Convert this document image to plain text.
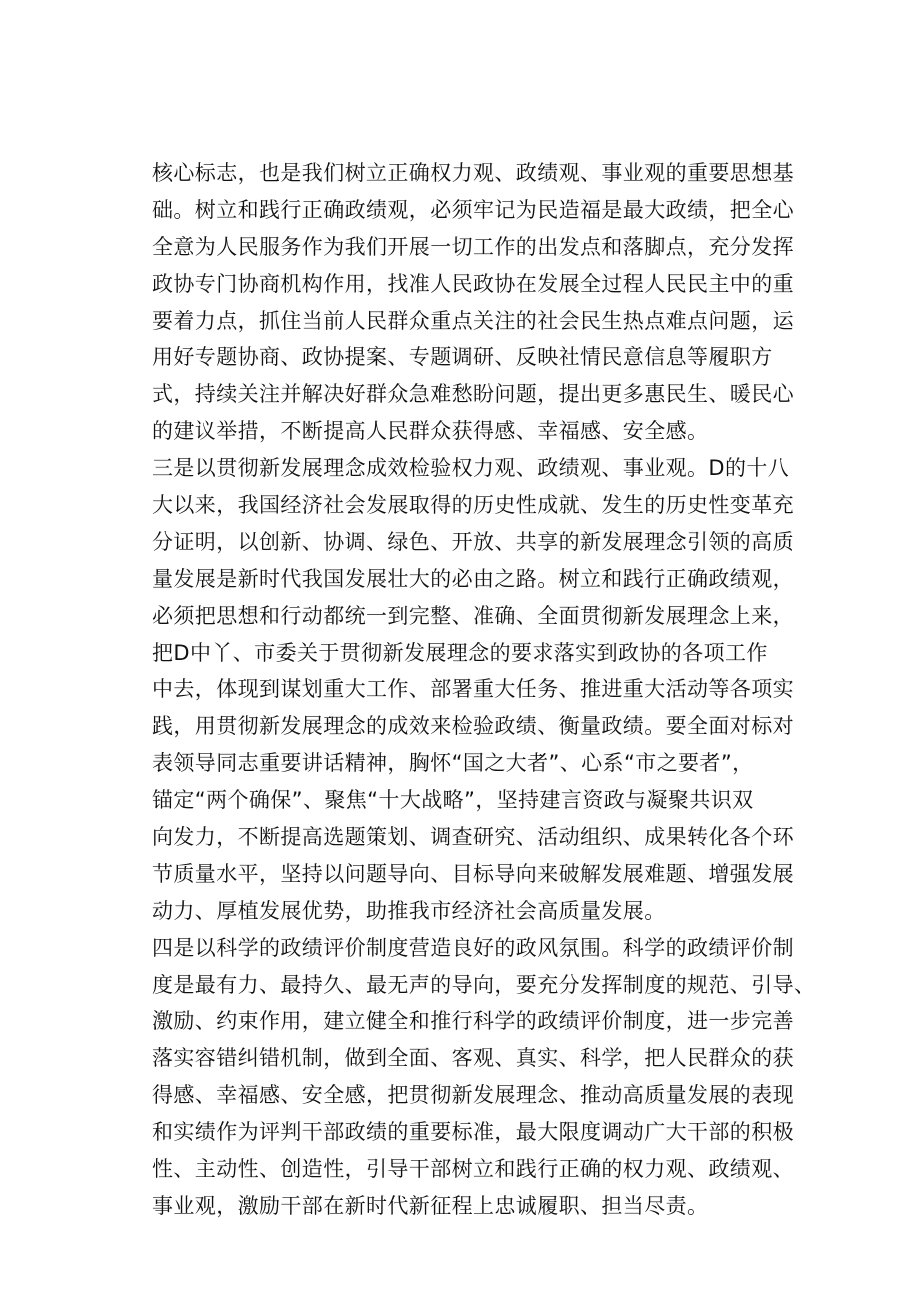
核心标志，也是我们树立正确权力观、政绩观、事业观的重要思想基
础。树立和践行正确政绩观，必须牢记为民造福是最大政绩，把全心
全意为人民服务作为我们开展一切工作的出发点和落脚点，充分发挥
政协专门协商机构作用，找准人民政协在发展全过程人民民主中的重
要着力点，抓住当前人民群众重点关注的社会民生热点难点问题，运
用好专题协商、政协提案、专题调研、反映社情民意信息等履职方
式，持续关注并解决好群众急难愁盼问题，提出更多惠民生、暖民心
的建议举措，不断提高人民群众获得感、幸福感、安全感。
三是以贯彻新发展理念成效检验权力观、政绩观、事业观。D的十八
大以来，我国经济社会发展取得的历史性成就、发生的历史性变革充
分证明，以创新、协调、绿色、开放、共享的新发展理念引领的高质
量发展是新时代我国发展壮大的必由之路。树立和践行正确政绩观，
必须把思想和行动都统一到完整、准确、全面贯彻新发展理念上来，
把D中丫、市委关于贯彻新发展理念的要求落实到政协的各项工作
中去，体现到谋划重大工作、部署重大任务、推进重大活动等各项实
践，用贯彻新发展理念的成效来检验政绩、衡量政绩。要全面对标对
表领导同志重要讲话精神，胸怀“国之大者”、心系“市之要者”，
锚定“两个确保”、聚焦“十大战略”，坚持建言资政与凝聚共识双
向发力，不断提高选题策划、调查研究、活动组织、成果转化各个环
节质量水平，坚持以问题导向、目标导向来破解发展难题、增强发展
动力、厚植发展优势，助推我市经济社会高质量发展。
四是以科学的政绩评价制度营造良好的政风氛围。科学的政绩评价制
度是最有力、最持久、最无声的导向，要充分发挥制度的规范、引导、
激励、约束作用，建立健全和推行科学的政绩评价制度，进一步完善
落实容错纠错机制，做到全面、客观、真实、科学，把人民群众的获
得感、幸福感、安全感，把贯彻新发展理念、推动高质量发展的表现
和实绩作为评判干部政绩的重要标准，最大限度调动广大干部的积极
性、主动性、创造性，引导干部树立和践行正确的权力观、政绩观、
事业观，激励干部在新时代新征程上忠诚履职、担当尽责。
